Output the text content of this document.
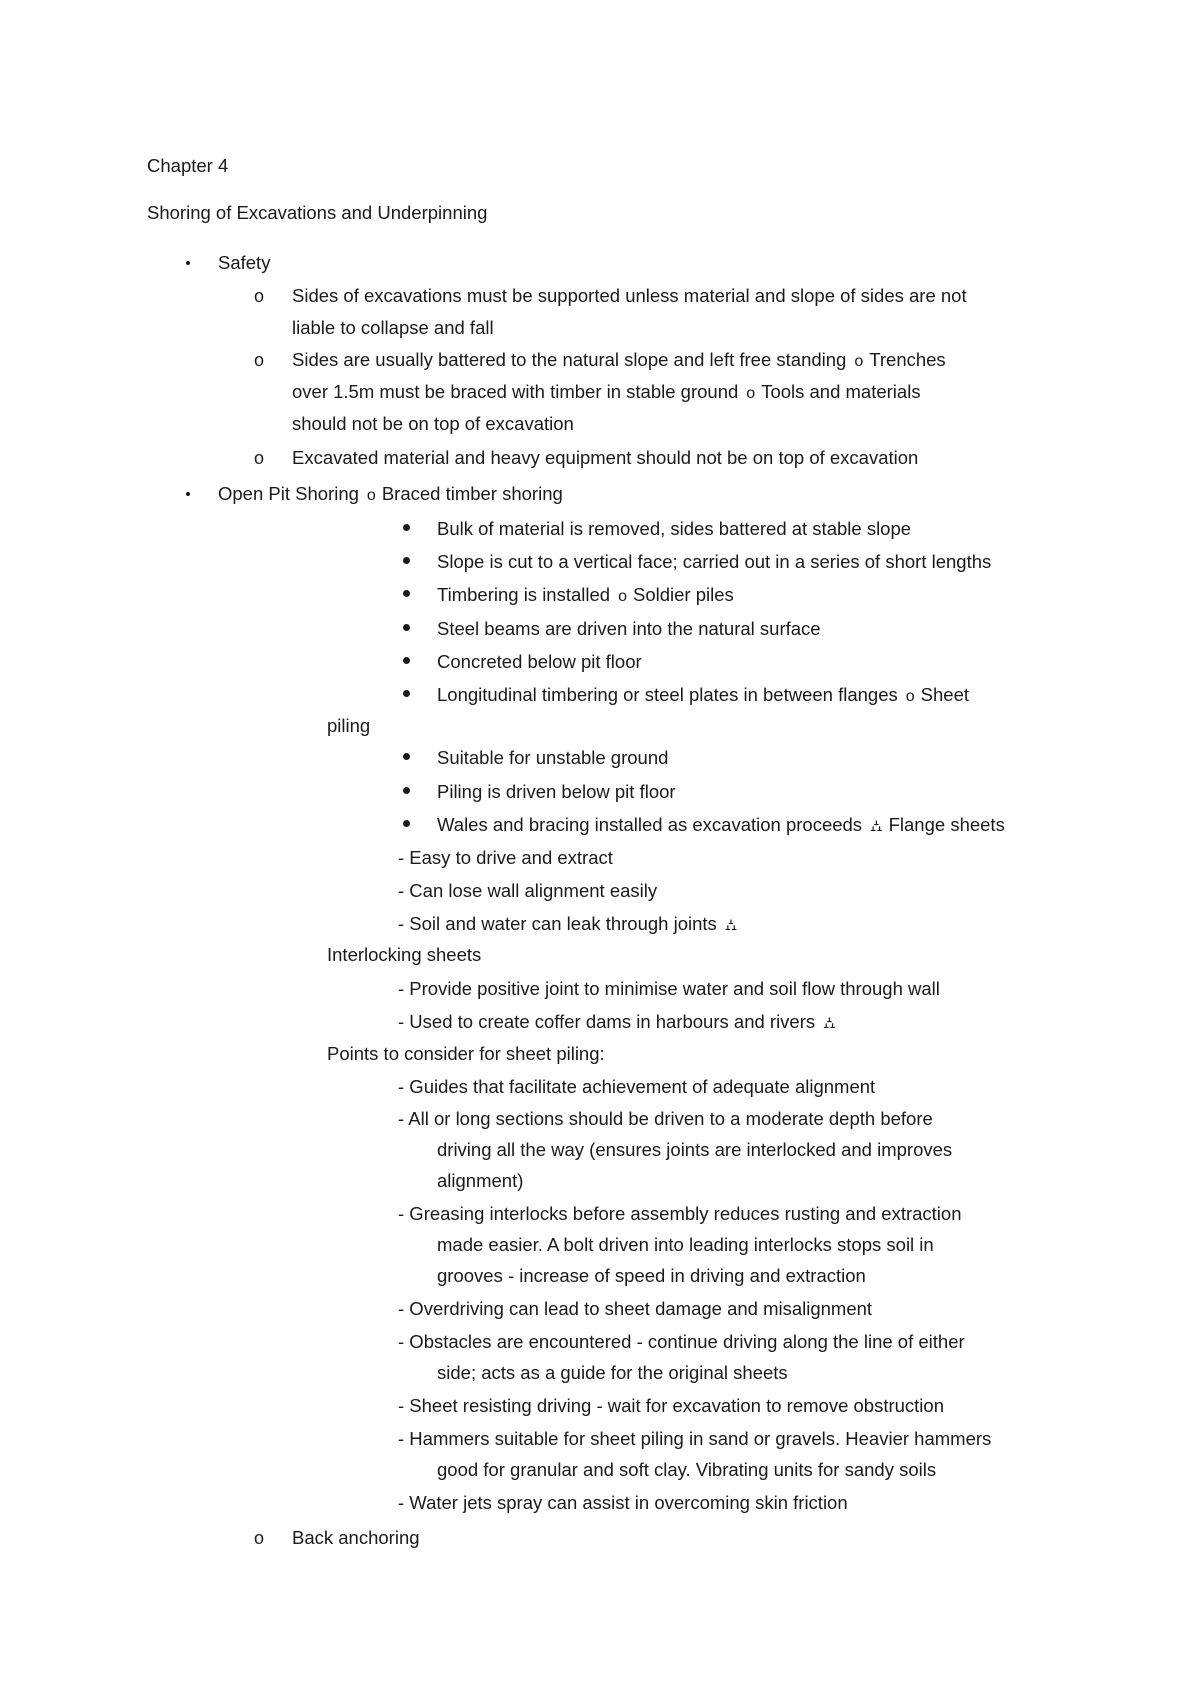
Chapter 4
Shoring of Excavations and Underpinning
Safety
o Sides of excavations must be supported unless material and slope of sides are not
liable to collapse and fall
o Sides are usually battered to the natural slope and left free standing o Trenches
over 1.5m must be braced with timber in stable ground o Tools and materials
should not be on top of excavation
o Excavated material and heavy equipment should not be on top of excavation
Open Pit Shoring o Braced timber shoring
Bulk of material is removed, sides battered at stable slope
Slope is cut to a vertical face; carried out in a series of short lengths
Timbering is installed o Soldier piles
Steel beams are driven into the natural surface
Concreted below pit floor
Longitudinal timbering or steel plates in between flanges o Sheet
piling
Suitable for unstable ground
Piling is driven below pit floor
Wales and bracing installed as excavation proceeds ⛼ Flange sheets
- Easy to drive and extract
- Can lose wall alignment easily
- Soil and water can leak through joints ⛼
Interlocking sheets
- Provide positive joint to minimise water and soil flow through wall
- Used to create coffer dams in harbours and rivers ⛼
Points to consider for sheet piling:
- Guides that facilitate achievement of adequate alignment
- All or long sections should be driven to a moderate depth before
driving all the way (ensures joints are interlocked and improves
alignment)
- Greasing interlocks before assembly reduces rusting and extraction
made easier. A bolt driven into leading interlocks stops soil in
grooves - increase of speed in driving and extraction
- Overdriving can lead to sheet damage and misalignment
- Obstacles are encountered - continue driving along the line of either
side; acts as a guide for the original sheets
- Sheet resisting driving - wait for excavation to remove obstruction
- Hammers suitable for sheet piling in sand or gravels. Heavier hammers
good for granular and soft clay. Vibrating units for sandy soils
- Water jets spray can assist in overcoming skin friction
o Back anchoring
